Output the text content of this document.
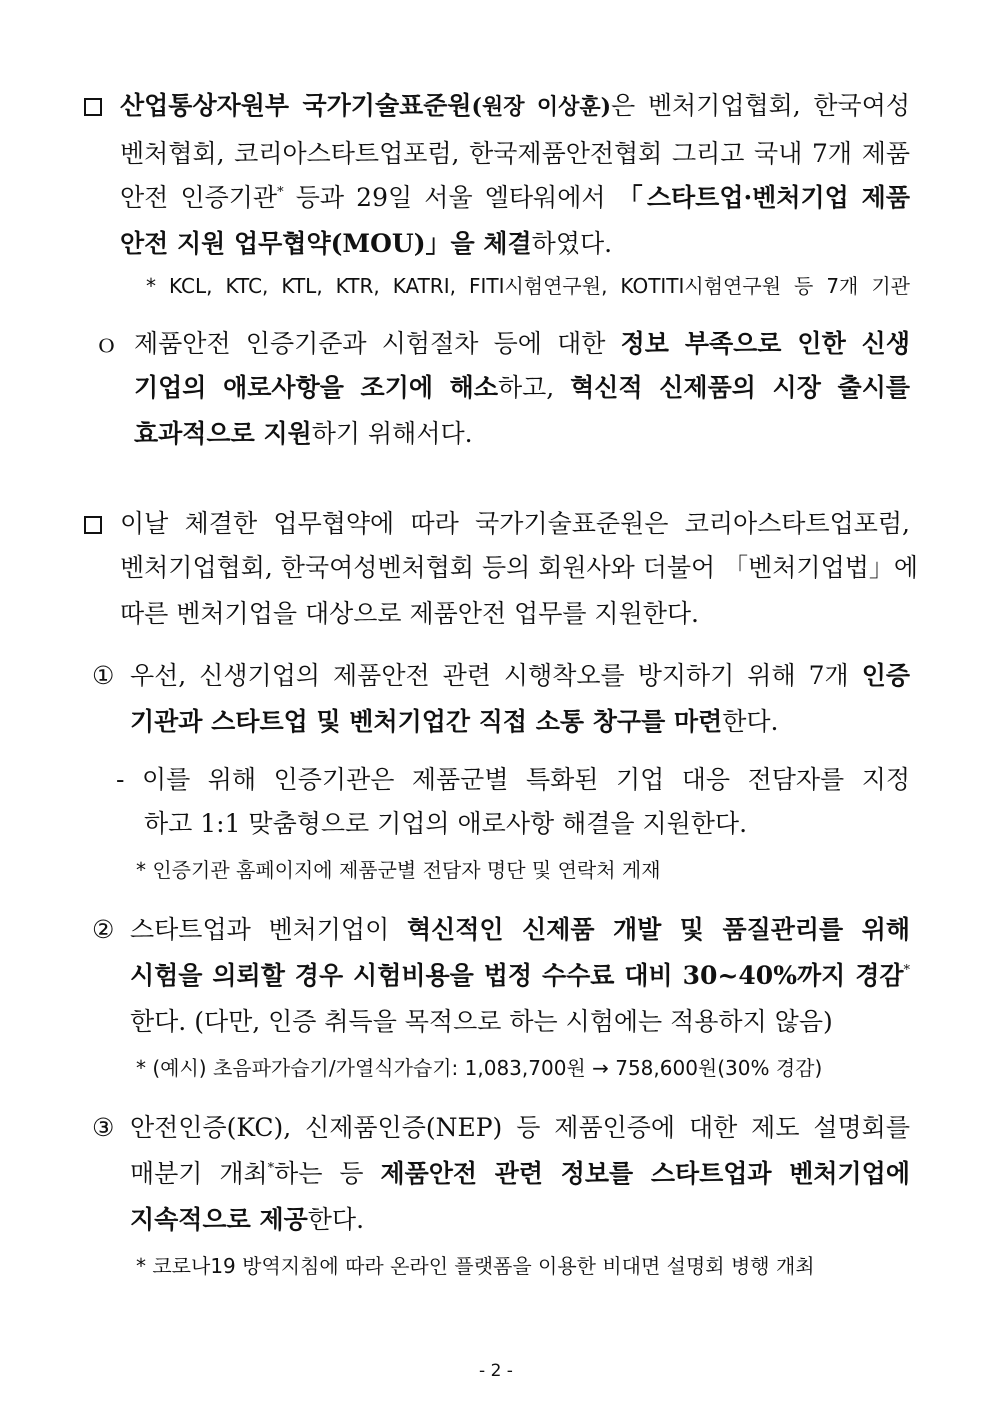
산업통상자원부 국가기술표준원(원장 이상훈)은 벤처기업협회, 한국여성
벤처협회, 코리아스타트업포럼, 한국제품안전협회 그리고 국내 7개 제품
안전 인증기관* 등과 29일 서울 엘타워에서 「스타트업·벤처기업 제품
안전 지원 업무협약(MOU)」을 체결하였다.
* KCL, KTC, KTL, KTR, KATRI, FITI시험연구원, KOTITI시험연구원 등 7개 기관
ｏ 제품안전 인증기준과 시험절차 등에 대한 정보 부족으로 인한 신생
기업의 애로사항을 조기에 해소하고, 혁신적 신제품의 시장 출시를
효과적으로 지원하기 위해서다.
이날 체결한 업무협약에 따라 국가기술표준원은 코리아스타트업포럼,
벤처기업협회, 한국여성벤처협회 등의 회원사와 더불어 「벤처기업법」에
따른 벤처기업을 대상으로 제품안전 업무를 지원한다.
① 우선, 신생기업의 제품안전 관련 시행착오를 방지하기 위해 7개 인증
기관과 스타트업 및 벤처기업간 직접 소통 창구를 마련한다.
- 이를 위해 인증기관은 제품군별 특화된 기업 대응 전담자를 지정
하고 1:1 맞춤형으로 기업의 애로사항 해결을 지원한다.
* 인증기관 홈페이지에 제품군별 전담자 명단 및 연락처 게재
② 스타트업과 벤처기업이 혁신적인 신제품 개발 및 품질관리를 위해
시험을 의뢰할 경우 시험비용을 법정 수수료 대비 30~40%까지 경감*
한다. (다만, 인증 취득을 목적으로 하는 시험에는 적용하지 않음)
* (예시) 초음파가습기/가열식가습기: 1,083,700원 → 758,600원(30% 경감)
③ 안전인증(KC), 신제품인증(NEP) 등 제품인증에 대한 제도 설명회를
매분기 개최*하는 등 제품안전 관련 정보를 스타트업과 벤처기업에
지속적으로 제공한다.
* 코로나19 방역지침에 따라 온라인 플랫폼을 이용한 비대면 설명회 병행 개최
- 2 -
